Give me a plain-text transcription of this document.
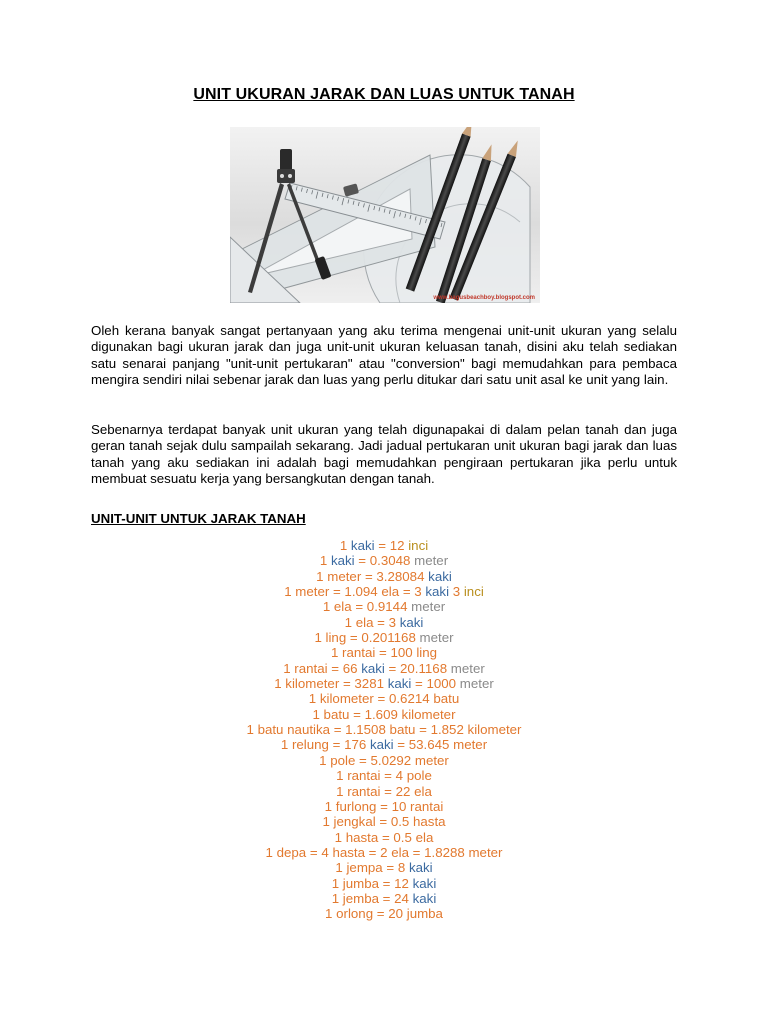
UNIT UKURAN JARAK DAN LUAS UNTUK TANAH
www.bagusbeachboy.blogspot.com

Oleh kerana banyak sangat pertanyaan yang aku terima mengenai unit-unit ukuran yang selalu digunakan bagi ukuran jarak dan juga unit-unit ukuran keluasan tanah, disini aku telah sediakan satu senarai panjang "unit-unit pertukaran" atau "conversion" bagi memudahkan para pembaca mengira sendiri nilai sebenar jarak dan luas yang perlu ditukar dari satu unit asal ke unit yang lain.

Sebenarnya terdapat banyak unit ukuran yang telah digunapakai di dalam pelan tanah dan juga geran tanah sejak dulu sampailah sekarang. Jadi jadual pertukaran unit ukuran bagi jarak dan luas tanah yang aku sediakan ini adalah bagi memudahkan pengiraan pertukaran jika perlu untuk membuat sesuatu kerja yang bersangkutan dengan tanah.

UNIT-UNIT UNTUK JARAK TANAH
1 kaki = 12 inci
1 kaki = 0.3048 meter
1 meter = 3.28084 kaki
1 meter = 1.094 ela = 3 kaki 3 inci
1 ela = 0.9144 meter
1 ela = 3 kaki
1 ling = 0.201168 meter
1 rantai = 100 ling
1 rantai = 66 kaki = 20.1168 meter
1 kilometer = 3281 kaki = 1000 meter
1 kilometer = 0.6214 batu
1 batu = 1.609 kilometer
1 batu nautika = 1.1508 batu = 1.852 kilometer
1 relung = 176 kaki = 53.645 meter
1 pole = 5.0292 meter
1 rantai = 4 pole
1 rantai = 22 ela
1 furlong = 10 rantai
1 jengkal = 0.5 hasta
1 hasta = 0.5 ela
1 depa = 4 hasta = 2 ela = 1.8288 meter
1 jempa = 8 kaki
1 jumba = 12 kaki
1 jemba = 24 kaki
1 orlong = 20 jumba
